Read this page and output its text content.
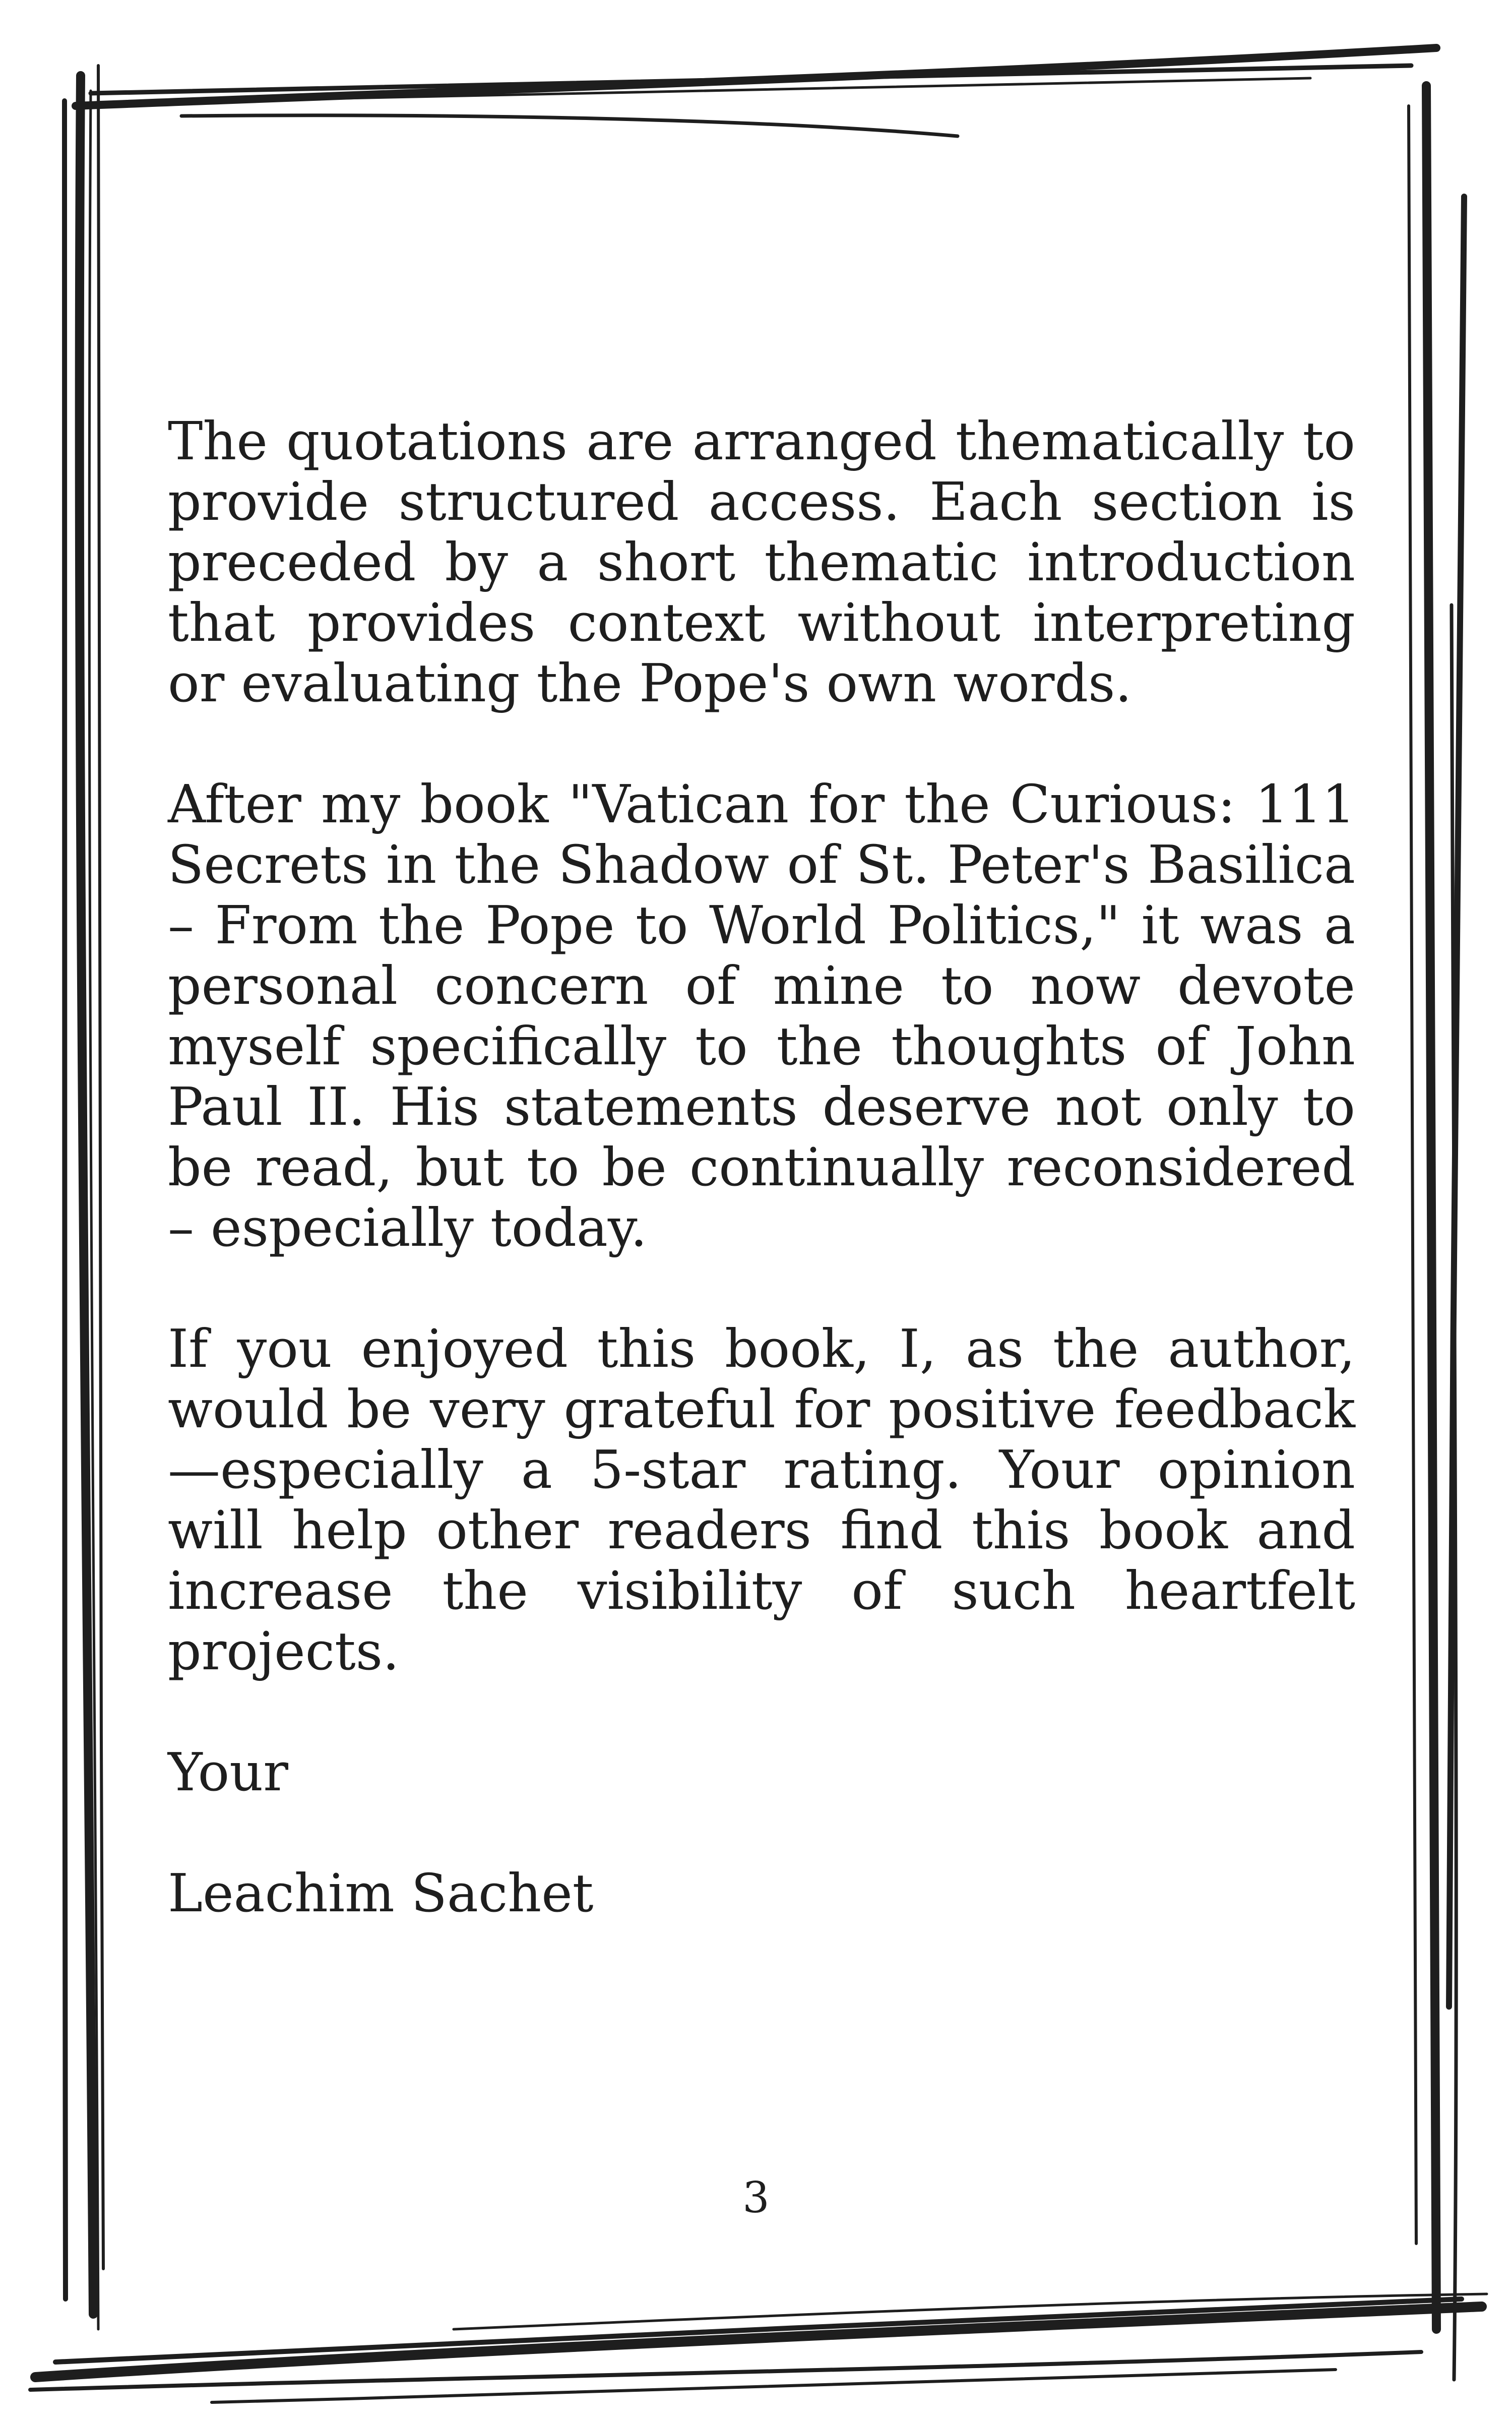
The quotations are arranged thematically to provide structured access. Each section is preceded by a short thematic introduction that provides context without interpreting or evaluating the Pope's own words.

After my book "Vatican for the Curious: 111 Secrets in the Shadow of St. Peter's Basilica – From the Pope to World Politics," it was a personal concern of mine to now devote myself specifically to the thoughts of John Paul II. His statements deserve not only to be read, but to be continually reconsidered – especially today.

If you enjoyed this book, I, as the author, would be very grateful for positive feedback —especially a 5-star rating. Your opinion will help other readers find this book and increase the visibility of such heartfelt projects.

Your

Leachim Sachet

3
